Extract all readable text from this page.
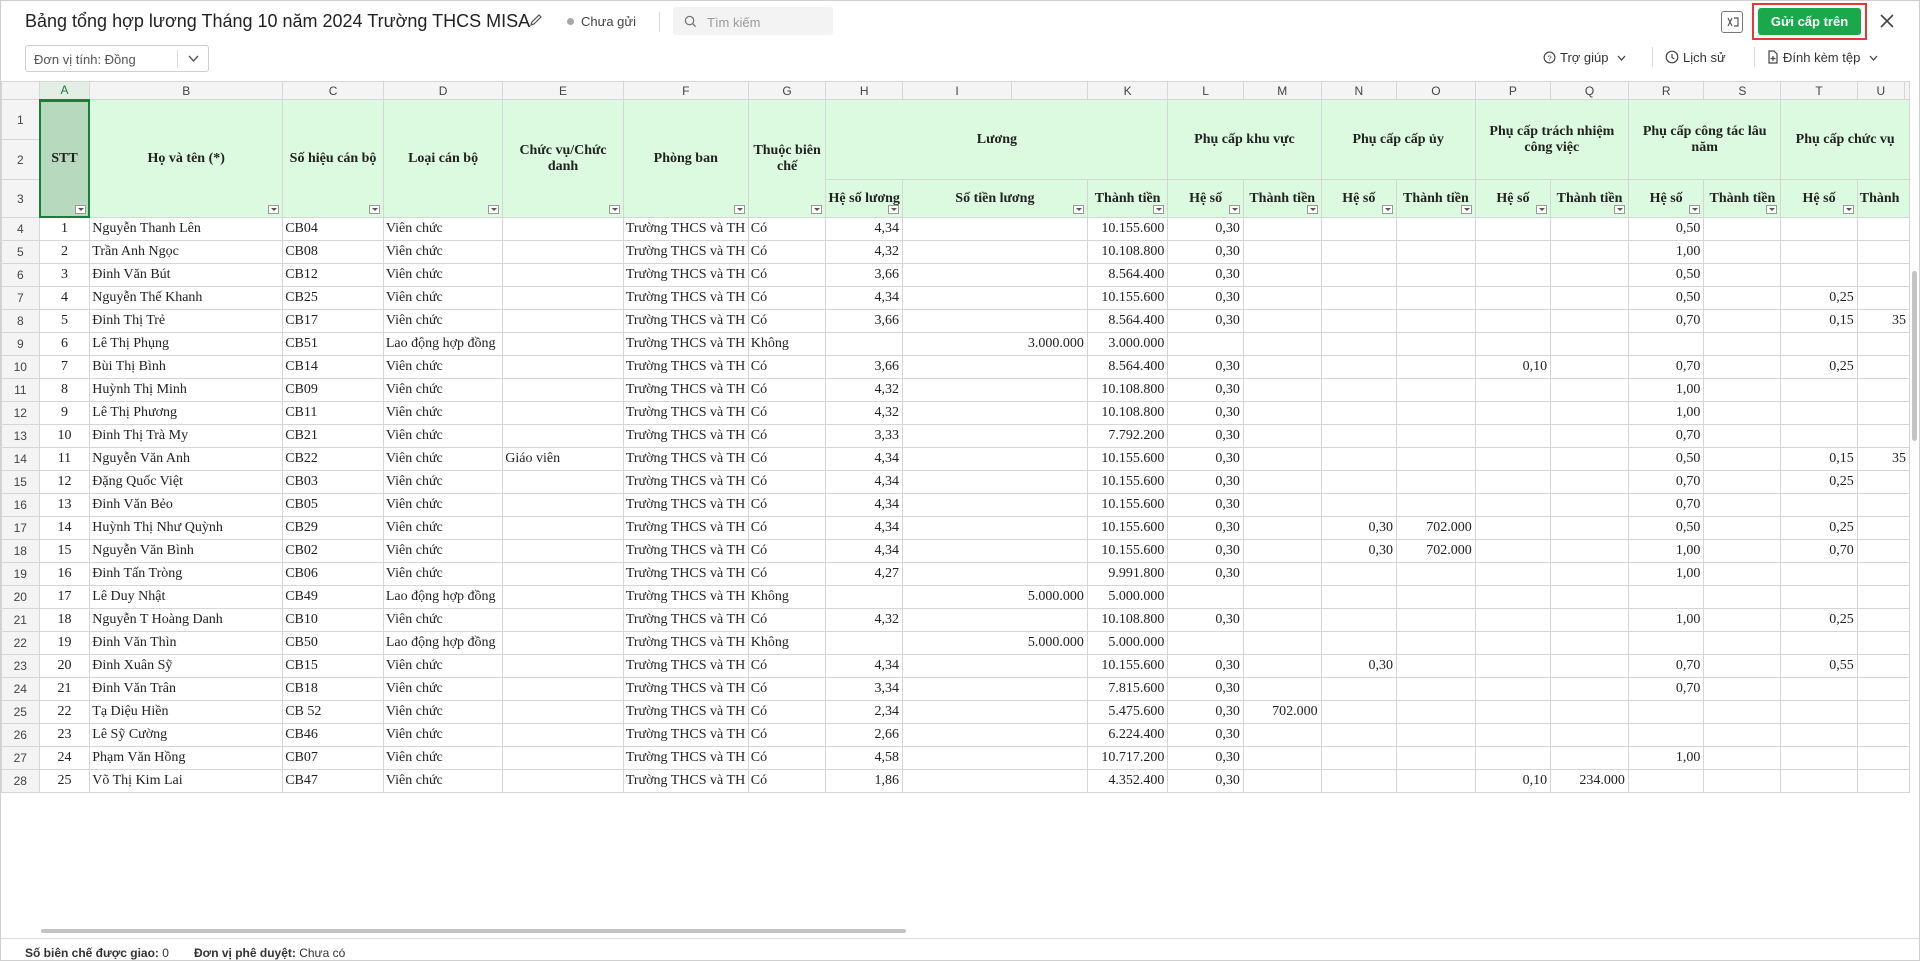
Bảng tổng hợp lương Tháng 10 năm 2024 Trường THCS MISA	Chưa gửi
Tìm kiếm	Gửi cấp trên
Đơn vị tính: Đồng	? Trợ giúp	Lịch sử	Đính kèm tệp
	A	B	C	D	E	F	G	H	I		K	L	M	N	O	P	Q	R	S	T	U	
1	STT	Họ và tên (*)	Số hiệu cán bộ	Loại cán bộ	Chức vụ/Chức danh	Phòng ban	Thuộc biên chế	Lương				Phụ cấp khu vực		Phụ cấp cấp ủy		Phụ cấp trách nhiệm công việc		Phụ cấp công tác lâu năm		Phụ cấp chức vụ		
2																						
3								Hệ số lương	Số tiền lương		Thành tiền	Hệ số	Thành tiền	Hệ số	Thành tiền	Hệ số	Thành tiền	Hệ số	Thành tiền	Hệ số	Thành	
4	1	Nguyễn Thanh Lên	CB04	Viên chức		Trường THCS và TH	Có	4,34			10.155.600	0,30						0,50				
5	2	Trần Anh Ngọc	CB08	Viên chức		Trường THCS và TH	Có	4,32			10.108.800	0,30						1,00				
6	3	Đinh Văn Bút	CB12	Viên chức		Trường THCS và TH	Có	3,66			8.564.400	0,30						0,50				
7	4	Nguyễn Thế Khanh	CB25	Viên chức		Trường THCS và TH	Có	4,34			10.155.600	0,30						0,50		0,25		
8	5	Đinh Thị Trẻ	CB17	Viên chức		Trường THCS và TH	Có	3,66			8.564.400	0,30						0,70		0,15	35	
9	6	Lê Thị Phụng	CB51	Lao động hợp đồng		Trường THCS và TH	Không		3.000.000		3.000.000											
10	7	Bùi Thị Bình	CB14	Viên chức		Trường THCS và TH	Có	3,66			8.564.400	0,30				0,10		0,70		0,25		
11	8	Huỳnh Thị Minh	CB09	Viên chức		Trường THCS và TH	Có	4,32			10.108.800	0,30						1,00				
12	9	Lê Thị Phương	CB11	Viên chức		Trường THCS và TH	Có	4,32			10.108.800	0,30						1,00				
13	10	Đinh Thị Trà My	CB21	Viên chức		Trường THCS và TH	Có	3,33			7.792.200	0,30						0,70				
14	11	Nguyễn Văn Anh	CB22	Viên chức	Giáo viên	Trường THCS và TH	Có	4,34			10.155.600	0,30						0,50		0,15	35	
15	12	Đặng Quốc Việt	CB03	Viên chức		Trường THCS và TH	Có	4,34			10.155.600	0,30						0,70		0,25		
16	13	Đinh Văn Bẻo	CB05	Viên chức		Trường THCS và TH	Có	4,34			10.155.600	0,30						0,70				
17	14	Huỳnh Thị Như Quỳnh	CB29	Viên chức		Trường THCS và TH	Có	4,34			10.155.600	0,30		0,30	702.000			0,50		0,25		
18	15	Nguyễn Văn Bình	CB02	Viên chức		Trường THCS và TH	Có	4,34			10.155.600	0,30		0,30	702.000			1,00		0,70		
19	16	Đinh Tấn Tròng	CB06	Viên chức		Trường THCS và TH	Có	4,27			9.991.800	0,30						1,00				
20	17	Lê Duy Nhật	CB49	Lao động hợp đồng		Trường THCS và TH	Không		5.000.000		5.000.000											
21	18	Nguyễn T Hoàng Danh	CB10	Viên chức		Trường THCS và TH	Có	4,32			10.108.800	0,30						1,00		0,25		
22	19	Đinh Văn Thìn	CB50	Lao động hợp đồng		Trường THCS và TH	Không		5.000.000		5.000.000											
23	20	Đinh Xuân Sỹ	CB15	Viên chức		Trường THCS và TH	Có	4,34			10.155.600	0,30		0,30				0,70		0,55		
24	21	Đinh Văn Trân	CB18	Viên chức		Trường THCS và TH	Có	3,34			7.815.600	0,30						0,70				
25	22	Tạ Diệu Hiền	CB 52	Viên chức		Trường THCS và TH	Có	2,34			5.475.600	0,30	702.000									
26	23	Lê Sỹ Cường	CB46	Viên chức		Trường THCS và TH	Có	2,66			6.224.400	0,30										
27	24	Phạm Văn Hồng	CB07	Viên chức		Trường THCS và TH	Có	4,58			10.717.200	0,30						1,00				
28	25	Võ Thị Kim Lai	CB47	Viên chức		Trường THCS và TH	Có	1,86			4.352.400	0,30				0,10	234.000					
Số biên chế được giao: 0 Đơn vị phê duyệt: Chưa có
